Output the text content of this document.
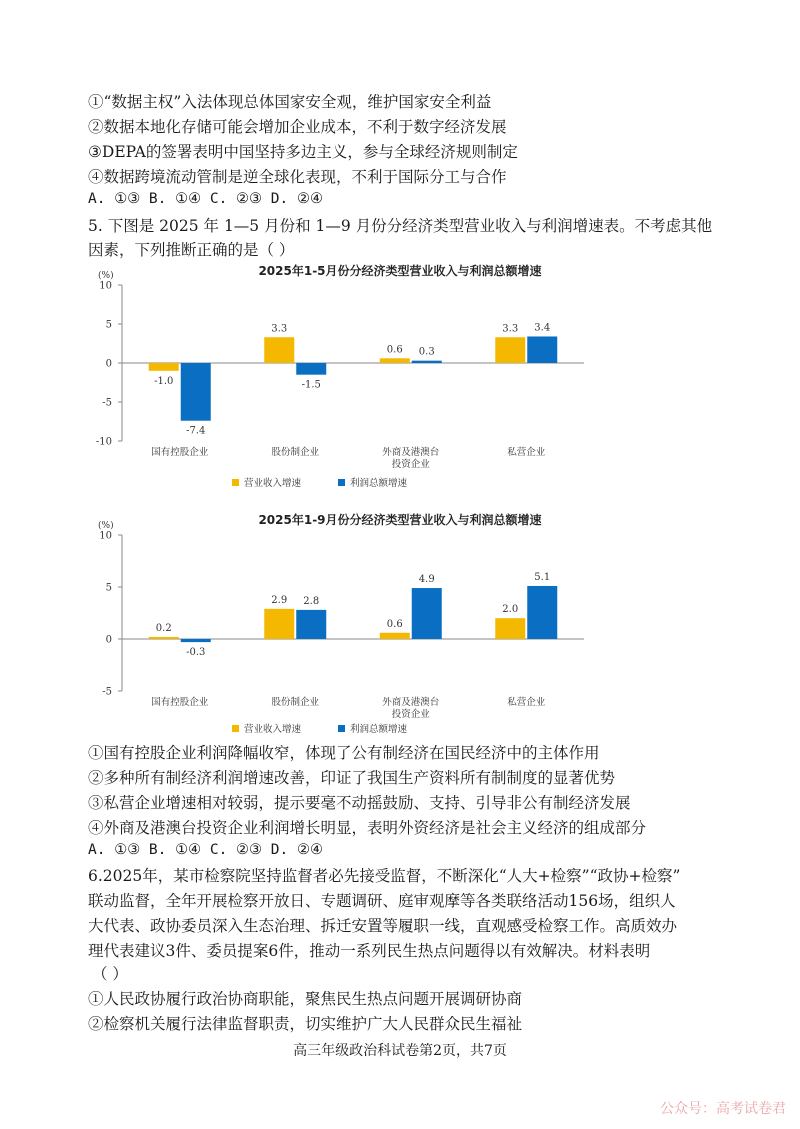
①“数据主权”入法体现总体国家安全观，维护国家安全利益
②数据本地化存储可能会增加企业成本，不利于数字经济发展
③DEPA的签署表明中国坚持多边主义，参与全球经济规则制定
④数据跨境流动管制是逆全球化表现，不利于国际分工与合作
A. ①③ B. ①④ C. ②③ D. ②④
5. 下图是 2025 年 1—5 月份和 1—9 月份分经济类型营业收入与利润增速表。不考虑其他
因素，下列推断正确的是（ ）
2025年1-5月份分经济类型营业收入与利润总额增速
(%)
10
5
0
-5
-10
-1.0
-7.4
国有控股企业
3.3
-1.5
股份制企业
0.6 0.3
外商及港澳台
投资企业
3.3 3.4
私营企业
营业收入增速	利润总额增速
2025年1-9月份分经济类型营业收入与利润总额增速
(%)
10
5
0
-5
0.2
-0.3
国有控股企业
2.9 2.8
股份制企业
0.6
4.9
外商及港澳台
投资企业
2.0
5.1
私营企业
营业收入增速	利润总额增速
①国有控股企业利润降幅收窄，体现了公有制经济在国民经济中的主体作用
②多种所有制经济利润增速改善，印证了我国生产资料所有制制度的显著优势
③私营企业增速相对较弱，提示要毫不动摇鼓励、支持、引导非公有制经济发展
④外商及港澳台投资企业利润增长明显，表明外资经济是社会主义经济的组成部分
A. ①③ B. ①④ C. ②③ D. ②④
6.2025年，某市检察院坚持监督者必先接受监督，不断深化“人大+检察”“政协+检察”
联动监督，全年开展检察开放日、专题调研、庭审观摩等各类联络活动156场，组织人
大代表、政协委员深入生态治理、拆迁安置等履职一线，直观感受检察工作。高质效办
理代表建议3件、委员提案6件，推动一系列民生热点问题得以有效解决。材料表明
（ ）
①人民政协履行政治协商职能，聚焦民生热点问题开展调研协商
②检察机关履行法律监督职责，切实维护广大人民群众民生福祉
高三年级政治科试卷第2页，共7页
公众号：高考试卷君
